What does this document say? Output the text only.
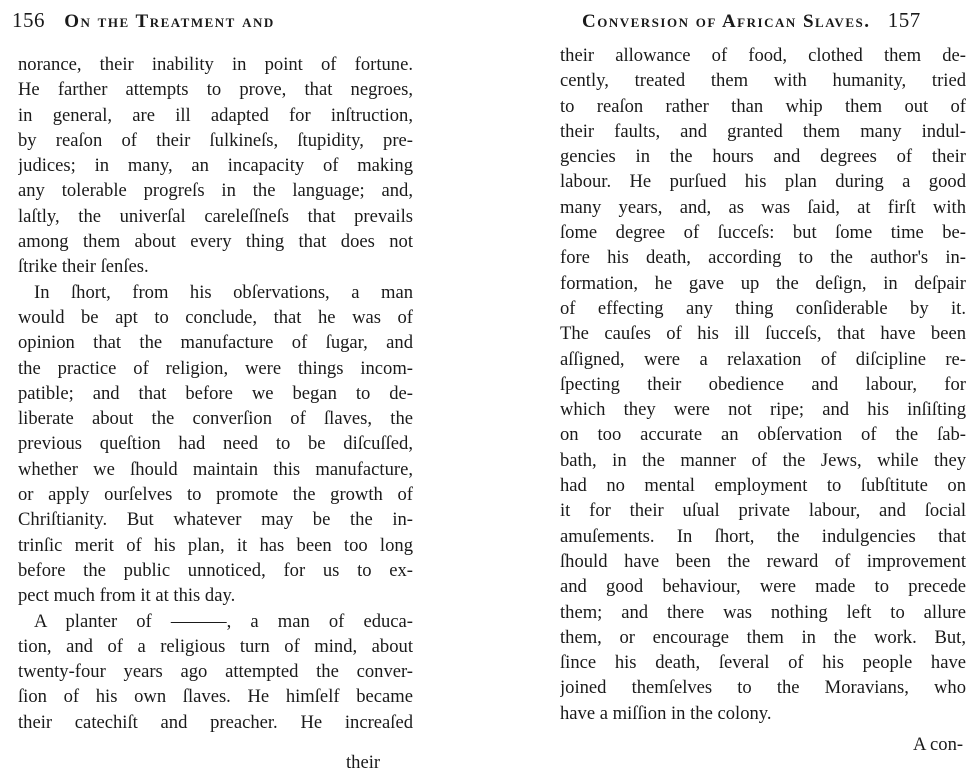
156 On the Treatment and
norance, their inability in point of fortune.
He farther attempts to prove, that negroes,
in general, are ill adapted for inſtruction,
by reaſon of their ſulkineſs, ſtupidity, pre-
judices; in many, an incapacity of making
any tolerable progreſs in the language; and,
laſtly, the univerſal careleſſneſs that prevails
among them about every thing that does not
ſtrike their ſenſes.
In ſhort, from his obſervations, a man
would be apt to conclude, that he was of
opinion that the manufacture of ſugar, and
the practice of religion, were things incom-
patible; and that before we began to de-
liberate about the converſion of ſlaves, the
previous queſtion had need to be diſcuſſed,
whether we ſhould maintain this manufacture,
or apply ourſelves to promote the growth of
Chriſtianity. But whatever may be the in-
trinſic merit of his plan, it has been too long
before the public unnoticed, for us to ex-
pect much from it at this day.
A planter of ———, a man of educa-
tion, and of a religious turn of mind, about
twenty-four years ago attempted the conver-
ſion of his own ſlaves. He himſelf became
their catechiſt and preacher. He increaſed
their
Conversion of African Slaves. 157
their allowance of food, clothed them de-
cently, treated them with humanity, tried
to reaſon rather than whip them out of
their faults, and granted them many indul-
gencies in the hours and degrees of their
labour. He purſued his plan during a good
many years, and, as was ſaid, at firſt with
ſome degree of ſucceſs: but ſome time be-
fore his death, according to the author's in-
formation, he gave up the deſign, in deſpair
of effecting any thing conſiderable by it.
The cauſes of his ill ſucceſs, that have been
aſſigned, were a relaxation of diſcipline re-
ſpecting their obedience and labour, for
which they were not ripe; and his inſiſting
on too accurate an obſervation of the ſab-
bath, in the manner of the Jews, while they
had no mental employment to ſubſtitute on
it for their uſual private labour, and ſocial
amuſements. In ſhort, the indulgencies that
ſhould have been the reward of improvement
and good behaviour, were made to precede
them; and there was nothing left to allure
them, or encourage them in the work. But,
ſince his death, ſeveral of his people have
joined themſelves to the Moravians, who
have a miſſion in the colony.
A con-
